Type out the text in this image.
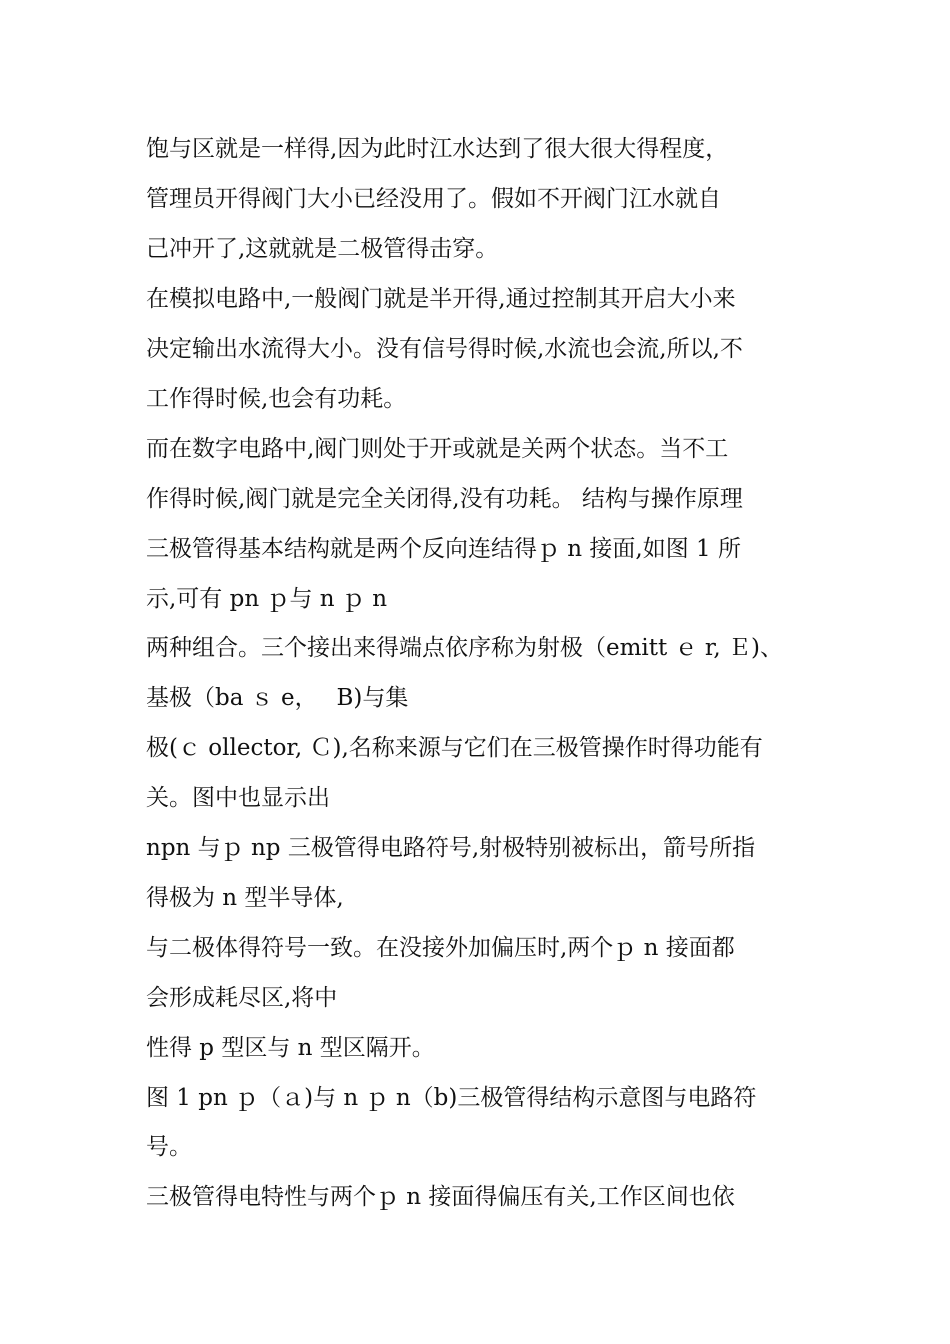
饱与区就是一样得,因为此时江水达到了很大很大得程度，
管理员开得阀门大小已经没用了。假如不开阀门江水就自
己冲开了,这就就是二极管得击穿。
在模拟电路中,一般阀门就是半开得,通过控制其开启大小来
决定输出水流得大小。没有信号得时候,水流也会流,所以,不
工作得时候,也会有功耗。
而在数字电路中,阀门则处于开或就是关两个状态。当不工
作得时候,阀门就是完全关闭得,没有功耗。 结构与操作原理
三极管得基本结构就是两个反向连结得ｐ n 接面,如图 1 所
示,可有 pn ｐ与 n ｐ n
两种组合。三个接出来得端点依序称为射极（emitt ｅ r, Ｅ)、
基极（ba ｓ e，　 B)与集
极(ｃ ollector, Ｃ),名称来源与它们在三极管操作时得功能有
关。图中也显示出
npn 与ｐ np 三极管得电路符号,射极特别被标出，箭号所指
得极为 n 型半导体,
与二极体得符号一致。在没接外加偏压时,两个ｐ n 接面都
会形成耗尽区,将中
性得 p 型区与 n 型区隔开。
图 1 pn ｐ（ａ)与 n ｐ n（b)三极管得结构示意图与电路符
号。
三极管得电特性与两个ｐ n 接面得偏压有关,工作区间也依
